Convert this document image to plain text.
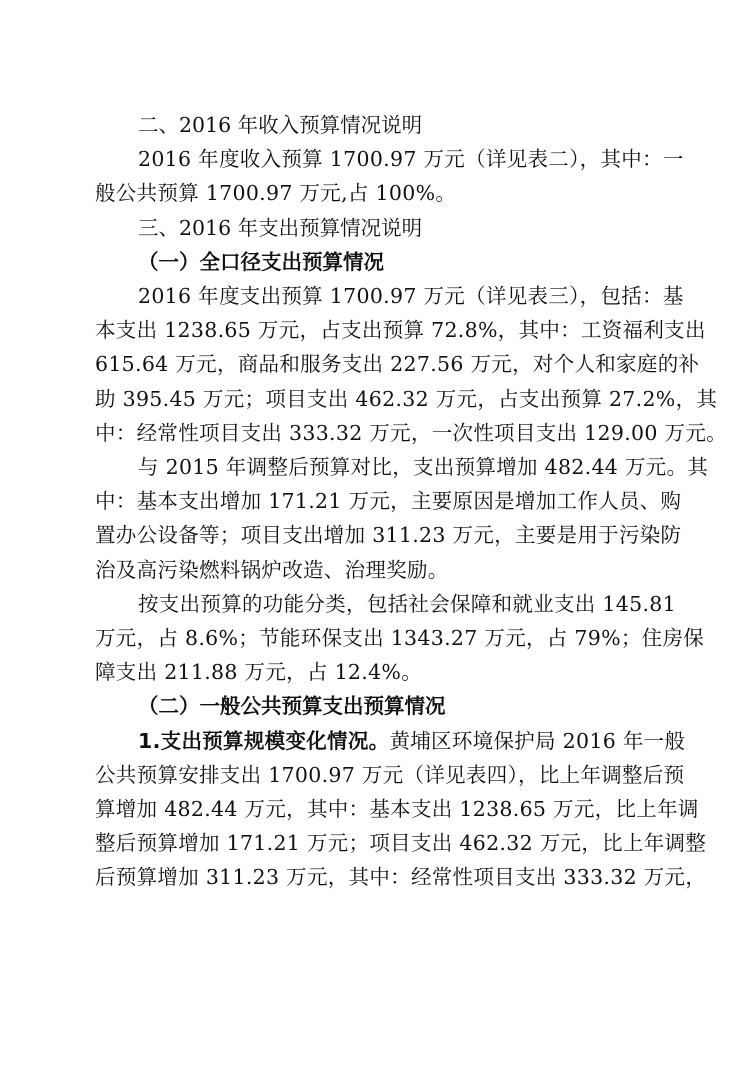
二、2016 年收入预算情况说明
2016 年度收入预算 1700.97 万元（详见表二），其中：一
般公共预算 1700.97 万元,占 100%。
三、2016 年支出预算情况说明
（一）全口径支出预算情况
2016 年度支出预算 1700.97 万元（详见表三），包括：基
本支出 1238.65 万元，占支出预算 72.8%，其中：工资福利支出
615.64 万元，商品和服务支出 227.56 万元，对个人和家庭的补
助 395.45 万元；项目支出 462.32 万元，占支出预算 27.2%，其
中：经常性项目支出 333.32 万元，一次性项目支出 129.00 万元。
与 2015 年调整后预算对比，支出预算增加 482.44 万元。其
中：基本支出增加 171.21 万元，主要原因是增加工作人员、购
置办公设备等；项目支出增加 311.23 万元，主要是用于污染防
治及高污染燃料锅炉改造、治理奖励。
按支出预算的功能分类，包括社会保障和就业支出 145.81
万元，占 8.6%；节能环保支出 1343.27 万元，占 79%；住房保
障支出 211.88 万元，占 12.4%。
（二）一般公共预算支出预算情况
1.支出预算规模变化情况。黄埔区环境保护局 2016 年一般
公共预算安排支出 1700.97 万元（详见表四），比上年调整后预
算增加 482.44 万元，其中：基本支出 1238.65 万元，比上年调
整后预算增加 171.21 万元；项目支出 462.32 万元，比上年调整
后预算增加 311.23 万元，其中：经常性项目支出 333.32 万元，
